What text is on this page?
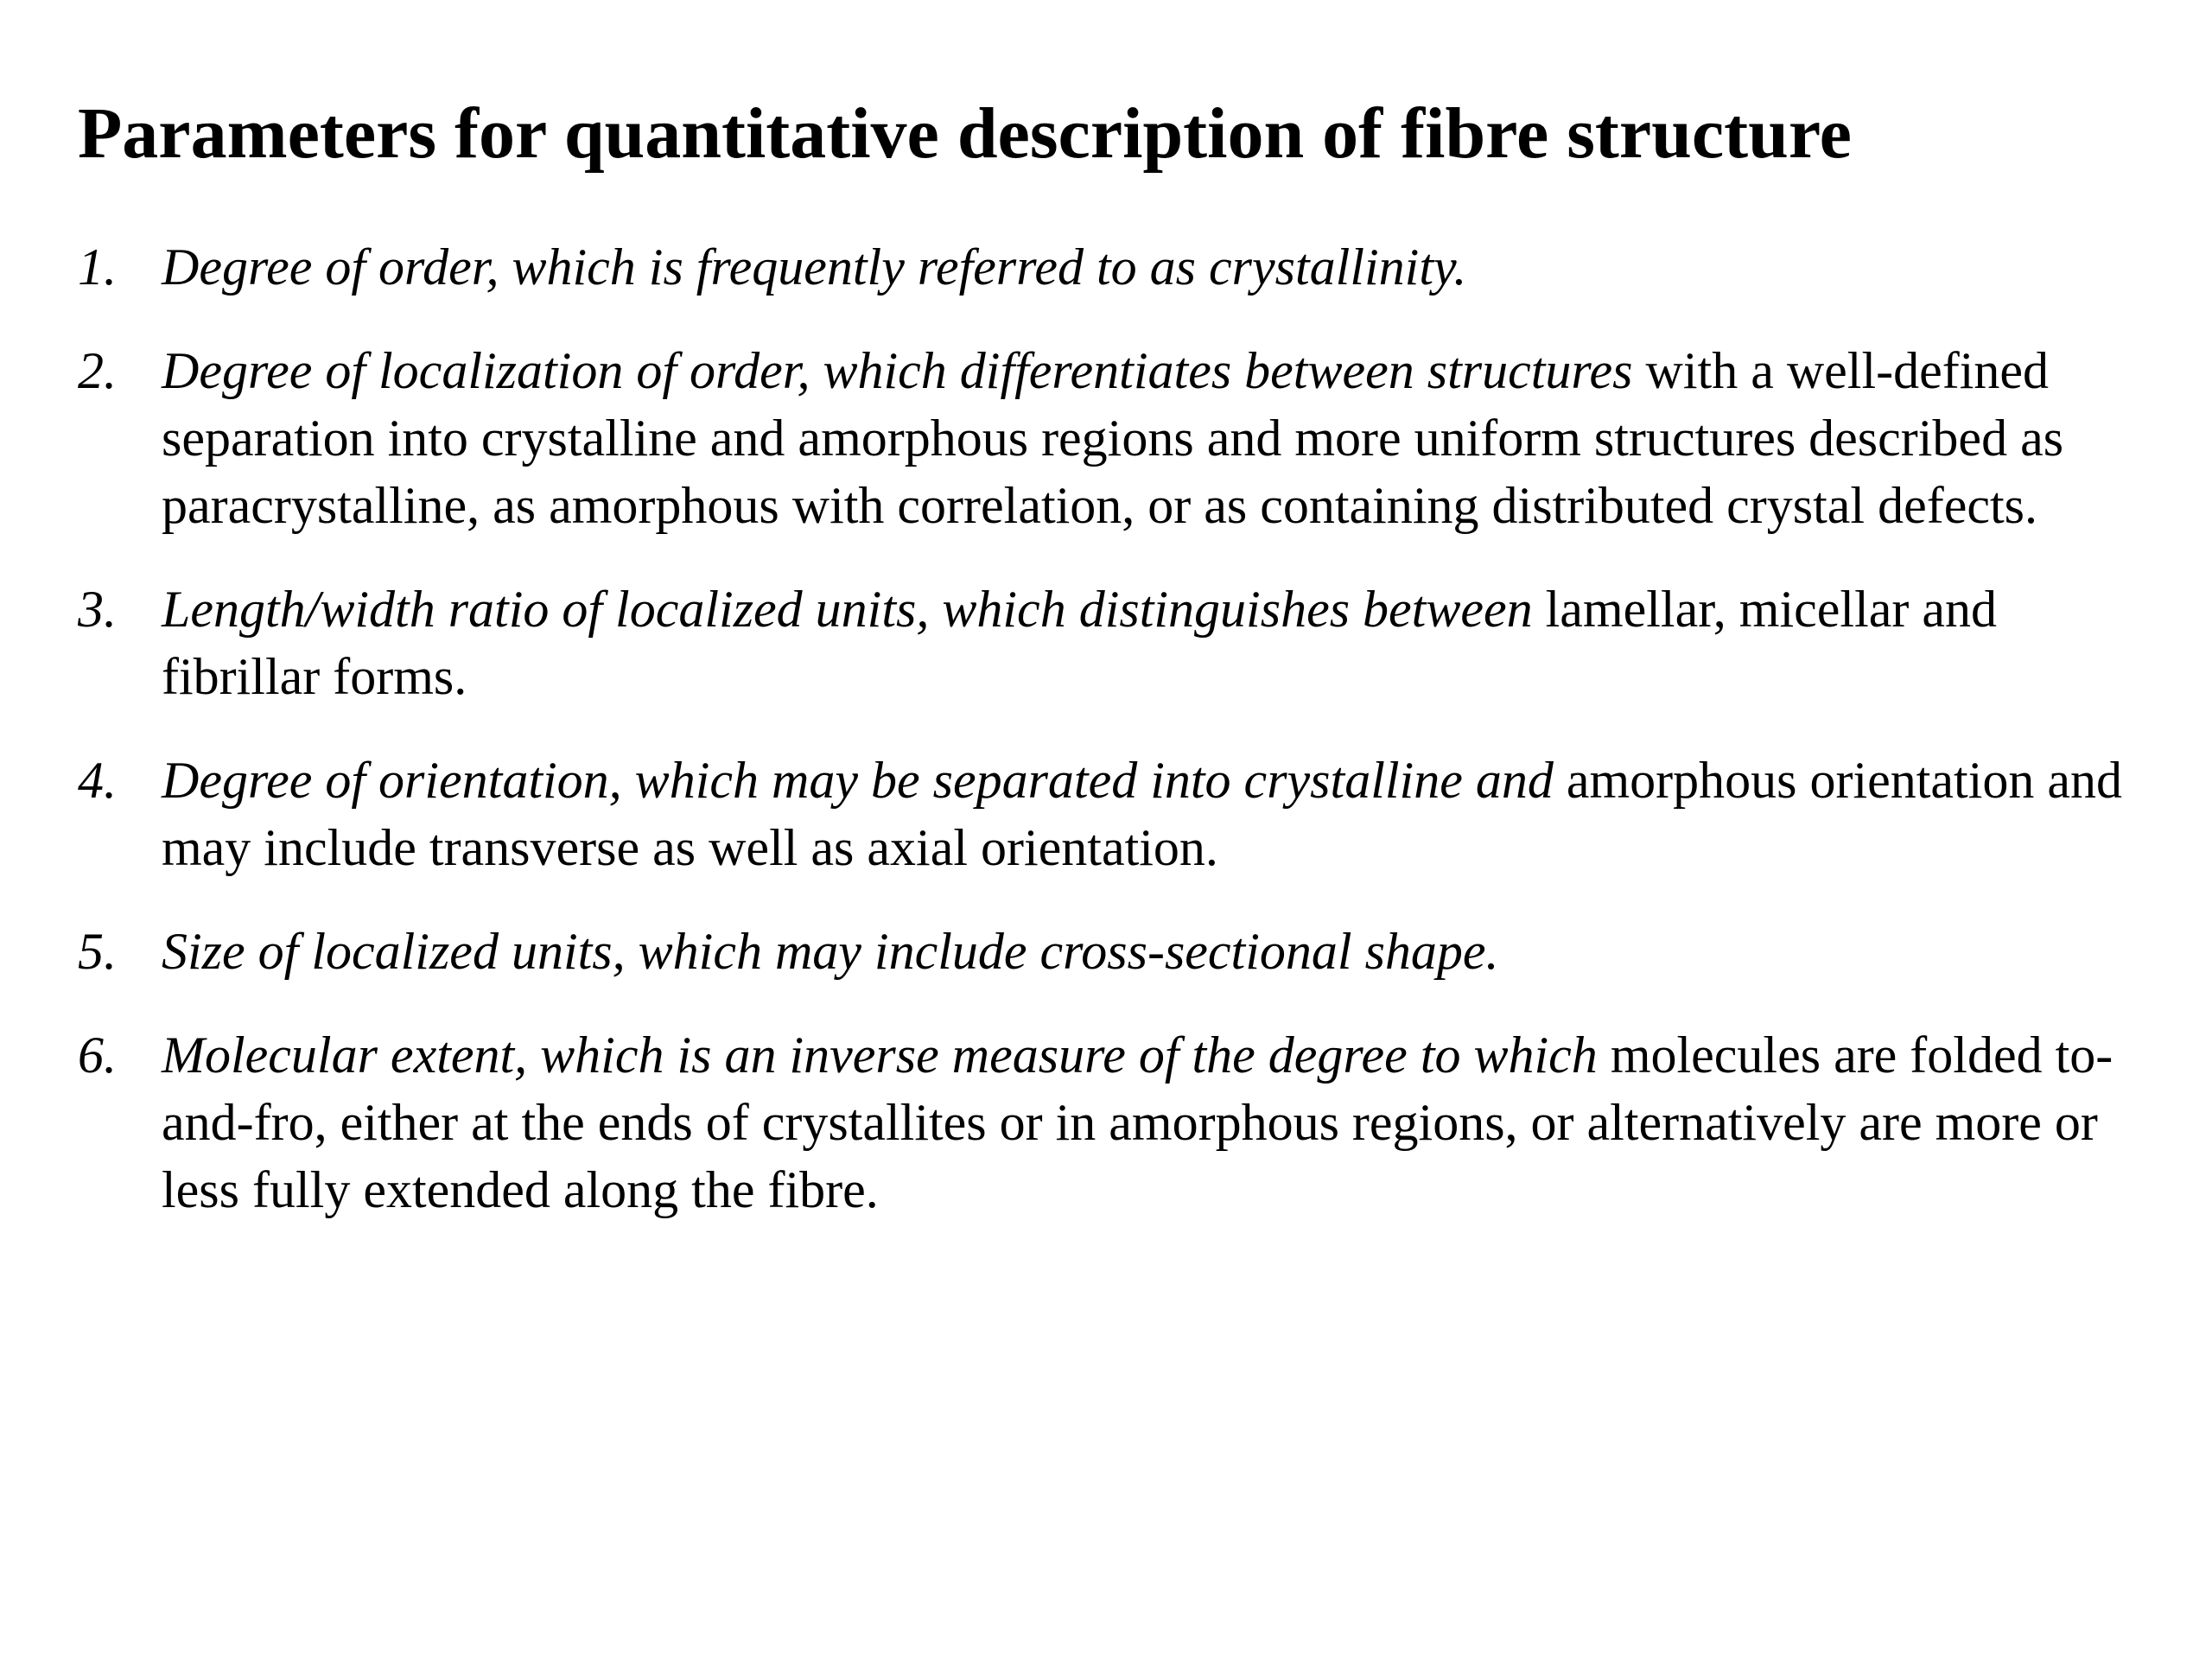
Parameters for quantitative description of fibre structure
1. Degree of order, which is frequently referred to as crystallinity.
2. Degree of localization of order, which differentiates between structures with a well-defined separation into crystalline and amorphous regions and more uniform structures described as paracrystalline, as amorphous with correlation, or as containing distributed crystal defects.
3. Length/width ratio of localized units, which distinguishes between lamellar, micellar and fibrillar forms.
4. Degree of orientation, which may be separated into crystalline and amorphous orientation and may include transverse as well as axial orientation.
5. Size of localized units, which may include cross-sectional shape.
6. Molecular extent, which is an inverse measure of the degree to which molecules are folded to-and-fro, either at the ends of crystallites or in amorphous regions, or alternatively are more or less fully extended along the fibre.
